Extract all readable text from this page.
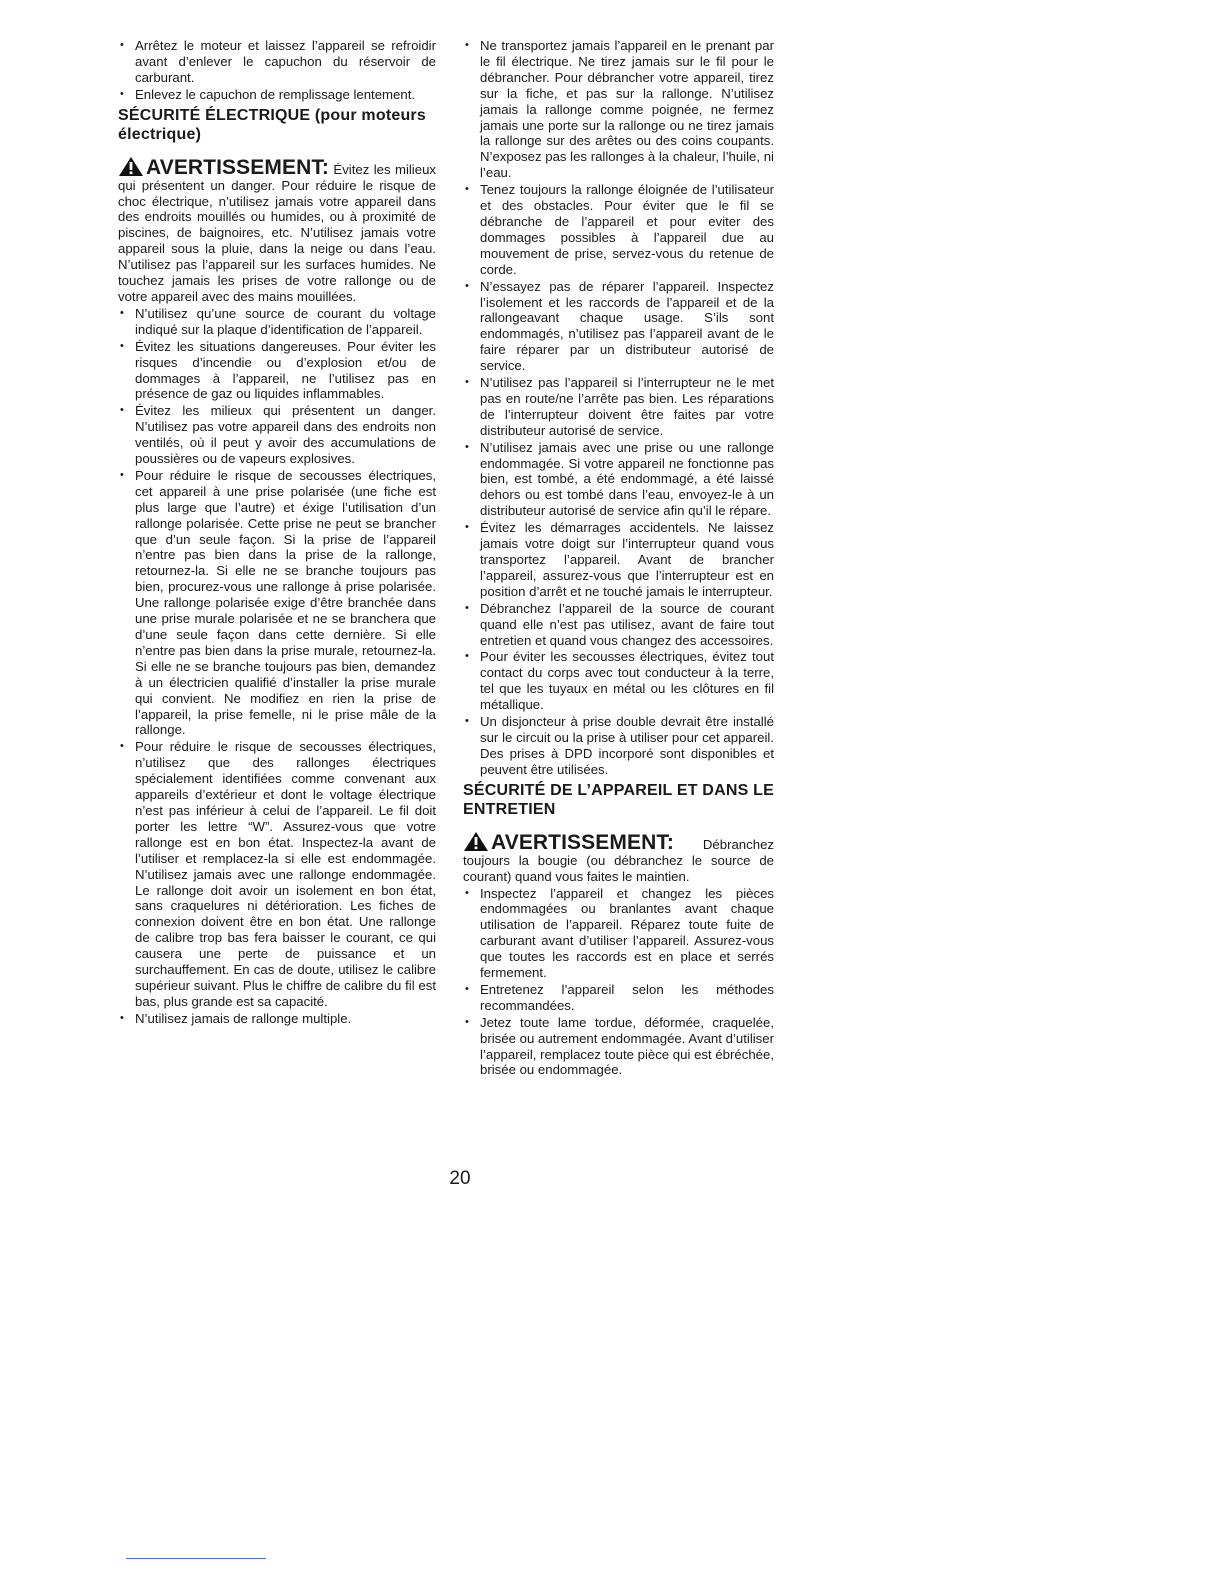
• Arrêtez le moteur et laissez l’appareil se refroidir avant d’enlever le capuchon du réservoir de carburant.
• Enlevez le capuchon de remplissage lentement.
SÉCURITÉ ÉLECTRIQUE (pour moteurs électrique)
AVERTISSEMENT: Évitez les milieux qui présentent un danger. Pour réduire le risque de choc électrique, n’utilisez jamais votre appareil dans des endroits mouillés ou humides, ou à proximité de piscines, de baignoires, etc. N’utilisez jamais votre appareil sous la pluie, dans la neige ou dans l’eau. N’utilisez pas l’appareil sur les surfaces humides. Ne touchez jamais les prises de votre rallonge ou de votre appareil avec des mains mouillées.
• N’utilisez qu’une source de courant du voltage indiqué sur la plaque d’identification de l’appareil.
• Évitez les situations dangereuses. Pour éviter les risques d’incendie ou d’explosion et/ou de dommages à l’appareil, ne l’utilisez pas en présence de gaz ou liquides inflammables.
• Évitez les milieux qui présentent un danger. N’utilisez pas votre appareil dans des endroits non ventilés, où il peut y avoir des accumulations de poussières ou de vapeurs explosives.
• Pour réduire le risque de secousses électriques, cet appareil à une prise polarisée (une fiche est plus large que l’autre) et éxige l’utilisation d’un rallonge polarisée. Cette prise ne peut se brancher que d’un seule façon. Si la prise de l’appareil n’entre pas bien dans la prise de la rallonge, retournez-la. Si elle ne se branche toujours pas bien, procurez-vous une rallonge à prise polarisée. Une rallonge polarisée exige d’être branchée dans une prise murale polarisée et ne se branchera que d’une seule façon dans cette dernière. Si elle n’entre pas bien dans la prise murale, retournez-la. Si elle ne se branche toujours pas bien, demandez à un électricien qualifié d’installer la prise murale qui convient. Ne modifiez en rien la prise de l’appareil, la prise femelle, ni le prise mâle de la rallonge.
• Pour réduire le risque de secousses électriques, n’utilisez que des rallonges électriques spécialement identifiées comme convenant aux appareils d’extérieur et dont le voltage électrique n’est pas inférieur à celui de l’appareil. Le fil doit porter les lettre “W”. Assurez-vous que votre rallonge est en bon état. Inspectez-la avant de l’utiliser et remplacez-la si elle est endommagée. N’utilisez jamais avec une rallonge endommagée. Le rallonge doit avoir un isolement en bon état, sans craquelures ni détérioration. Les fiches de connexion doivent être en bon état. Une rallonge de calibre trop bas fera baisser le courant, ce qui causera une perte de puissance et un surchauffement. En cas de doute, utilisez le calibre supérieur suivant. Plus le chiffre de calibre du fil est bas, plus grande est sa capacité.
• N’utilisez jamais de rallonge multiple.
• Ne transportez jamais l’appareil en le prenant par le fil électrique. Ne tirez jamais sur le fil pour le débrancher. Pour débrancher votre appareil, tirez sur la fiche, et pas sur la rallonge. N’utilisez jamais la rallonge comme poignée, ne fermez jamais une porte sur la rallonge ou ne tirez jamais la rallonge sur des arêtes ou des coins coupants. N’exposez pas les rallonges à la chaleur, l’huile, ni l’eau.
• Tenez toujours la rallonge éloignée de l’utilisateur et des obstacles. Pour éviter que le fil se débranche de l’appareil et pour eviter des dommages possibles à l’appareil due au mouvement de prise, servez-vous du retenue de corde.
• N’essayez pas de réparer l’appareil. Inspectez l’isolement et les raccords de l’appareil et de la rallongeavant chaque usage. S’ils sont endommagés, n’utilisez pas l’appareil avant de le faire réparer par un distributeur autorisé de service.
• N’utilisez pas l’appareil si l’interrupteur ne le met pas en route/ne l’arrête pas bien. Les réparations de l’interrupteur doivent être faites par votre distributeur autorisé de service.
• N’utilisez jamais avec une prise ou une rallonge endommagée. Si votre appareil ne fonctionne pas bien, est tombé, a été endommagé, a été laissé dehors ou est tombé dans l’eau, envoyez-le à un distributeur autorisé de service afin qu’il le répare.
• Évitez les démarrages accidentels. Ne laissez jamais votre doigt sur l’interrupteur quand vous transportez l’appareil. Avant de brancher l’appareil, assurez-vous que l’interrupteur est en position d’arrêt et ne touché jamais le interrupteur.
• Débranchez l’appareil de la source de courant quand elle n’est pas utilisez, avant de faire tout entretien et quand vous changez des accessoires.
• Pour éviter les secousses électriques, évitez tout contact du corps avec tout conducteur à la terre, tel que les tuyaux en métal ou les clôtures en fil métallique.
• Un disjoncteur à prise double devrait être installé sur le circuit ou la prise à utiliser pour cet appareil. Des prises à DPD incorporé sont disponibles et peuvent être utilisées.
SÉCURITÉ DE L’APPAREIL ET DANS LE ENTRETIEN
AVERTISSEMENT: Débranchez toujours la bougie (ou débranchez le source de courant) quand vous faites le maintien.
• Inspectez l’appareil et changez les pièces endommagées ou branlantes avant chaque utilisation de l’appareil. Réparez toute fuite de carburant avant d’utiliser l’appareil. Assurez-vous que toutes les raccords est en place et serrés fermement.
• Entretenez l’appareil selon les méthodes recommandées.
• Jetez toute lame tordue, déformée, craquelée, brisée ou autrement endommagée. Avant d’utiliser l’appareil, remplacez toute pièce qui est ébréchée, brisée ou endommagée.
20
